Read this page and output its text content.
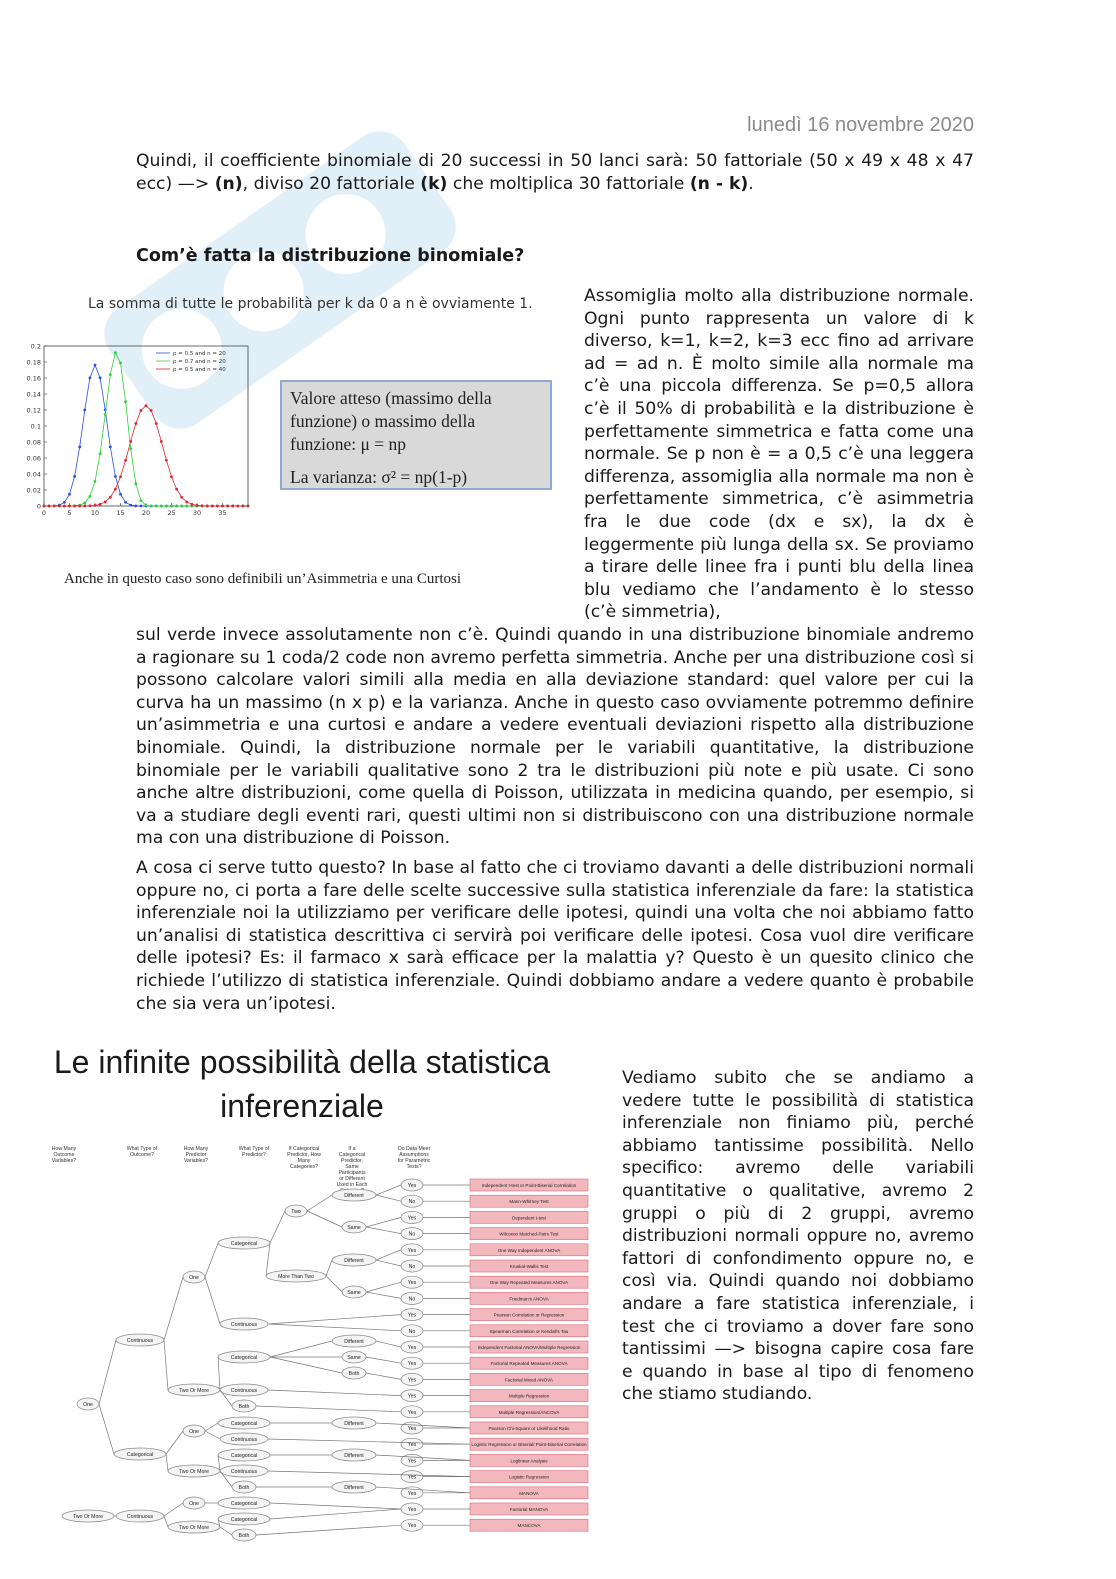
lunedì 16 novembre 2020
Quindi, il coefficiente binomiale di 20 successi in 50 lanci sarà: 50 fattoriale (50 x 49 x 48 x 47 ecc) —> (n), diviso 20 fattoriale (k) che moltiplica 30 fattoriale (n - k).
Com’è fatta la distribuzione binomiale?
La somma di tutte le probabilità per k da 0 a n è ovviamente 1.
0
0.02
0.04
0.06
0.08
0.1
0.12
0.14
0.16
0.18
0.2
0	5	10	15	20	25	30	35
p = 0.5 and n = 20
p = 0.7 and n = 20
p = 0.5 and n = 40
Valore atteso (massimo della
funzione) o massimo della
funzione: μ = np
La varianza: σ² = np(1-p)
Anche in questo caso sono definibili un’Asimmetria e una Curtosi
Assomiglia molto alla distribuzione normale. Ogni punto rappresenta un valore di k diverso, k=1, k=2, k=3 ecc fino ad arrivare ad = ad n. È molto simile alla normale ma c’è una piccola differenza. Se p=0,5 allora c’è il 50% di probabilità e la distribuzione è perfettamente simmetrica e fatta come una normale. Se p non è = a 0,5 c’è una leggera differenza, assomiglia alla normale ma non è perfettamente simmetrica, c’è asimmetria fra le due code (dx e sx), la dx è leggermente più lunga della sx. Se proviamo a tirare delle linee fra i punti blu della linea blu vediamo che l’andamento è lo stesso (c’è simmetria),
sul verde invece assolutamente non c’è. Quindi quando in una distribuzione binomiale andremo a ragionare su 1 coda/2 code non avremo perfetta simmetria. Anche per una distribuzione così si possono calcolare valori simili alla media en alla deviazione standard: quel valore per cui la curva ha un massimo (n x p) e la varianza. Anche in questo caso ovviamente potremmo definire un’asimmetria e una curtosi e andare a vedere eventuali deviazioni rispetto alla distribuzione binomiale. Quindi, la distribuzione normale per le variabili quantitative, la distribuzione binomiale per le variabili qualitative sono 2 tra le distribuzioni più note e più usate. Ci sono anche altre distribuzioni, come quella di Poisson, utilizzata in medicina quando, per esempio, si va a studiare degli eventi rari, questi ultimi non si distribuiscono con una distribuzione normale ma con una distribuzione di Poisson.
A cosa ci serve tutto questo? In base al fatto che ci troviamo davanti a delle distribuzioni normali oppure no, ci porta a fare delle scelte successive sulla statistica inferenziale da fare: la statistica inferenziale noi la utilizziamo per verificare delle ipotesi, quindi una volta che noi abbiamo fatto un’analisi di statistica descrittiva ci servirà poi verificare delle ipotesi. Cosa vuol dire verificare delle ipotesi? Es: il farmaco x sarà efficace per la malattia y? Questo è un quesito clinico che richiede l’utilizzo di statistica inferenziale. Quindi dobbiamo andare a vedere quanto è probabile che sia vera un’ipotesi.
Le infinite possibilità della statistica
inferenziale
How Many Outcome Variables?
What Type of Outcome?
How Many Predictor Variables?
What Type of Predictor?
If Categorical Predictor, How Many Categories?
If a Categorical Predictor, Same Participants or Different Used in Each
Do Data Meet Assumptions for Parametric Tests?
Independent t-test or Point-Biserial Correlation
Mann-Whitney Test
Dependent t-test
Wilcoxon Matched-Pairs Test
One Way Independent ANOVA
Kruskal-Wallis Test
One Way Repeated Measures ANOVA
Friedman's ANOVA
Pearson Correlation or Regression
Spearman Correlation or Kendall's Tau
Independent Factorial ANOVA/Multiple Regression
Factorial Repeated Measures ANOVA
Factorial Mixed ANOVA
Multiple Regression
Multiple Regression/ANCOVA
Pearson Chi-Square or Likelihood Ratio
Logistic Regression or Biserial/ Point-Biserial Correlation
Loglinear Analysis
Logistic Regression
MANOVA
Factorial MANOVA
MANCOVA
Yes
No
Yes
No
Yes
No
Yes
No
Yes
No
Yes
Yes
Yes
Yes
Yes
Yes
Yes
Yes
Yes
Yes
Yes
Yes
Different
Same
Different
Same
Different
Same
Both
Different
Different
Different
Two
More Than Two
Categorical
Continuous
Categorical
Continuous
Both
Categorical
Continuous
Categorical
Continuous
Both
Categorical
Categorical
Both
One
Two Or More
One
Two Or More
One
Two Or More
Continuous
Categorical
Continuous
One
Two Or More
Vediamo subito che se andiamo a vedere tutte le possibilità di statistica inferenziale non finiamo più, perché abbiamo tantissime possibilità. Nello specifico: avremo delle variabili quantitative o qualitative, avremo 2 gruppi o più di 2 gruppi, avremo distribuzioni normali oppure no, avremo fattori di confondimento oppure no, e così via. Quindi quando noi dobbiamo andare a fare statistica inferenziale, i test che ci troviamo a dover fare sono tantissimi —> bisogna capire cosa fare e quando in base al tipo di fenomeno che stiamo studiando.
